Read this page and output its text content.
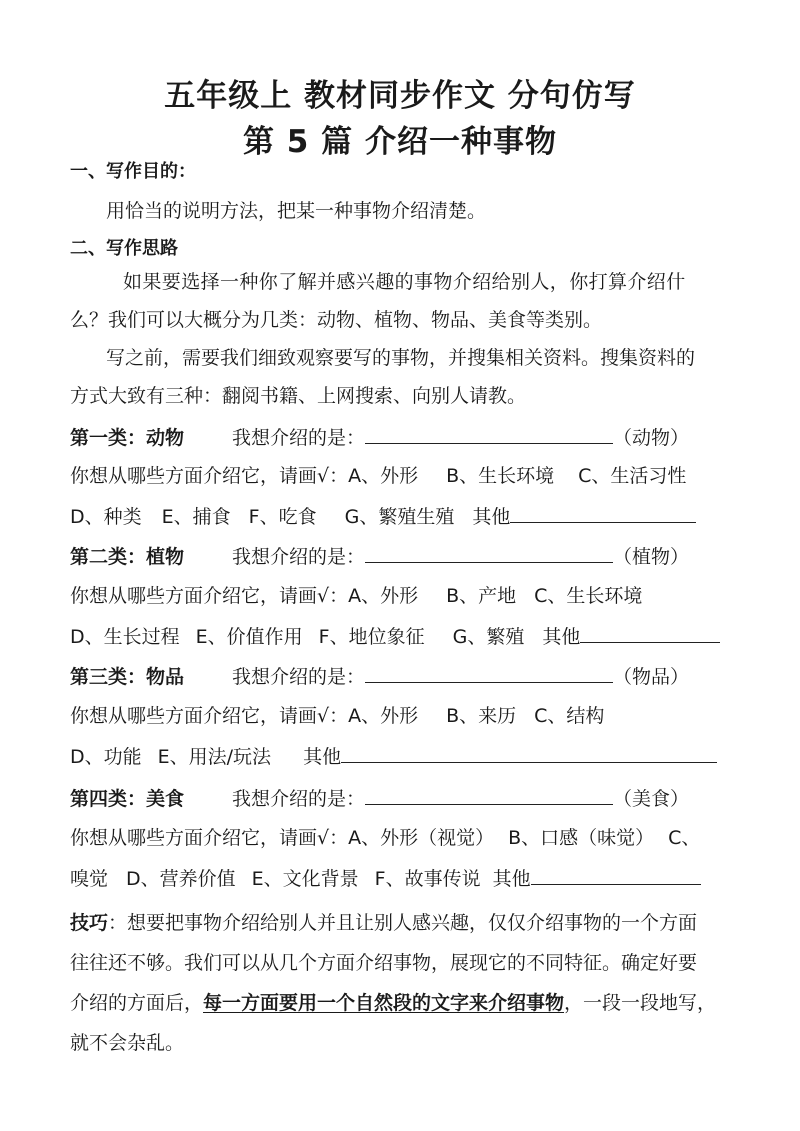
五年级上 教材同步作文 分句仿写
第 5 篇 介绍一种事物
一、写作目的：
用恰当的说明方法，把某一种事物介绍清楚。
二、写作思路
如果要选择一种你了解并感兴趣的事物介绍给别人，你打算介绍什
么？我们可以大概分为几类：动物、植物、物品、美食等类别。
写之前，需要我们细致观察要写的事物，并搜集相关资料。搜集资料的
方式大致有三种：翻阅书籍、上网搜索、向别人请教。
第一类：动物	我想介绍的是：	（动物）
你想从哪些方面介绍它，请画√：A、外形 B、生长环境 C、生活习性
D、种类 E、捕食 F、吃食 G、繁殖生殖 其他
第二类：植物	我想介绍的是：	（植物）
你想从哪些方面介绍它，请画√：A、外形 B、产地 C、生长环境
D、生长过程 E、价值作用 F、地位象征 G、繁殖 其他
第三类：物品	我想介绍的是：	（物品）
你想从哪些方面介绍它，请画√：A、外形 B、来历 C、结构
D、功能 E、用法/玩法 其他
第四类：美食	我想介绍的是：	（美食）
你想从哪些方面介绍它，请画√：A、外形（视觉） B、口感（味觉） C、
嗅觉 D、营养价值 E、文化背景 F、故事传说 其他
技巧：想要把事物介绍给别人并且让别人感兴趣，仅仅介绍事物的一个方面
往往还不够。我们可以从几个方面介绍事物，展现它的不同特征。确定好要
介绍的方面后，每一方面要用一个自然段的文字来介绍事物，一段一段地写，
就不会杂乱。
